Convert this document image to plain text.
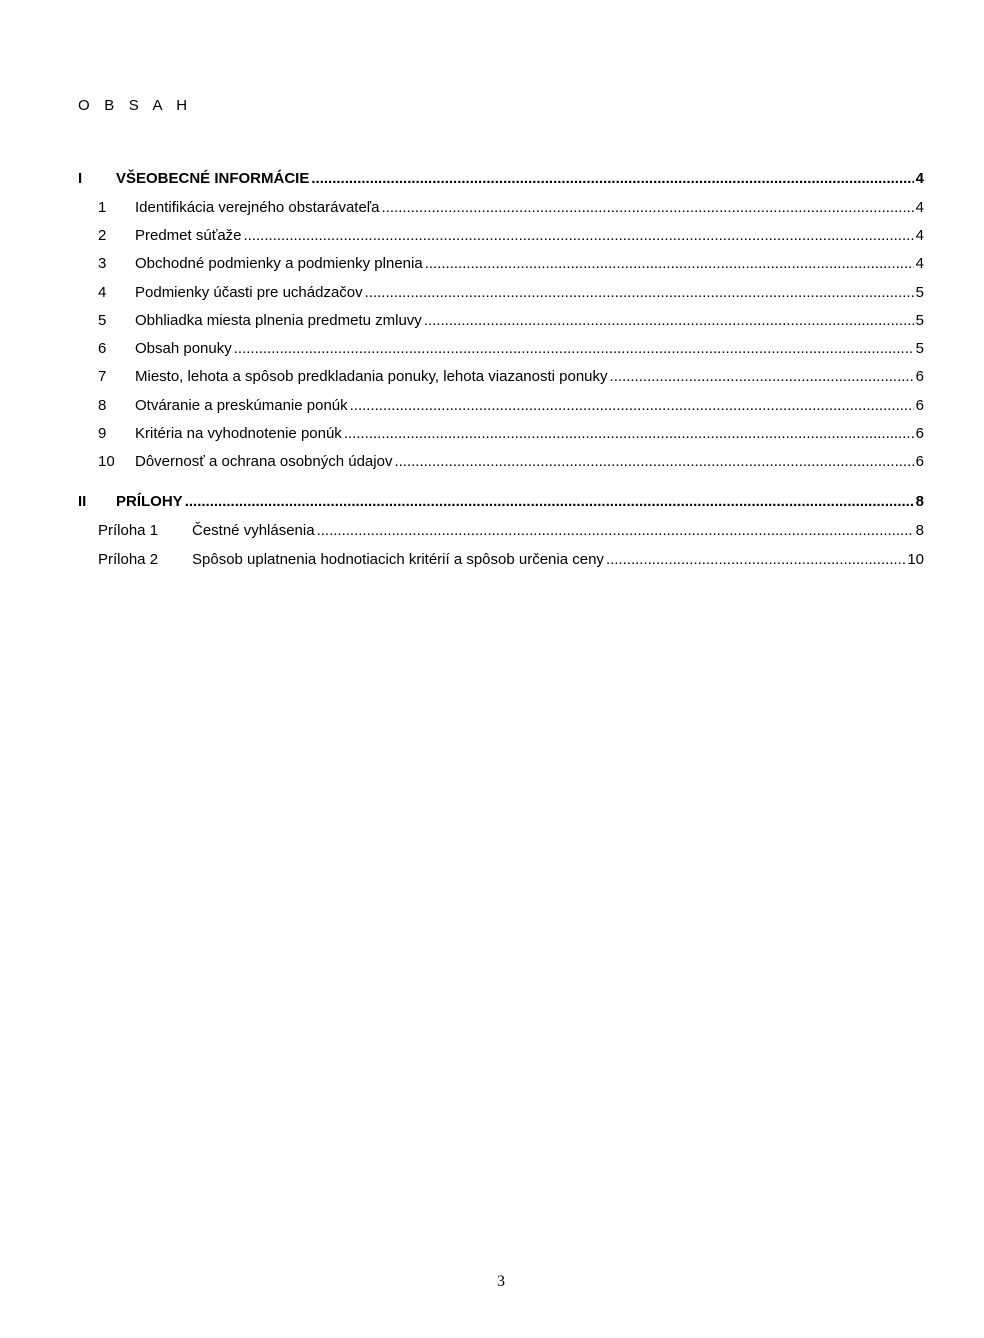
O B S A H
I VŠEOBECNÉ INFORMÁCIE .....	4
1 Identifikácia verejného obstarávateľa .....	4
2 Predmet súťaže .....	4
3 Obchodné podmienky a podmienky plnenia .....	4
4 Podmienky účasti pre uchádzačov .....	5
5 Obhliadka miesta plnenia predmetu zmluvy .....	5
6 Obsah ponuky .....	5
7 Miesto, lehota a spôsob predkladania ponuky, lehota viazanosti ponuky .....	6
8 Otváranie a preskúmanie ponúk .....	6
9 Kritéria na vyhodnotenie ponúk .....	6
10 Dôvernosť a ochrana osobných údajov .....	6
II PRÍLOHY .....	8
Príloha 1 Čestné vyhlásenia .....	8
Príloha 2 Spôsob uplatnenia hodnotiacich kritérií a spôsob určenia ceny .....	10
3
